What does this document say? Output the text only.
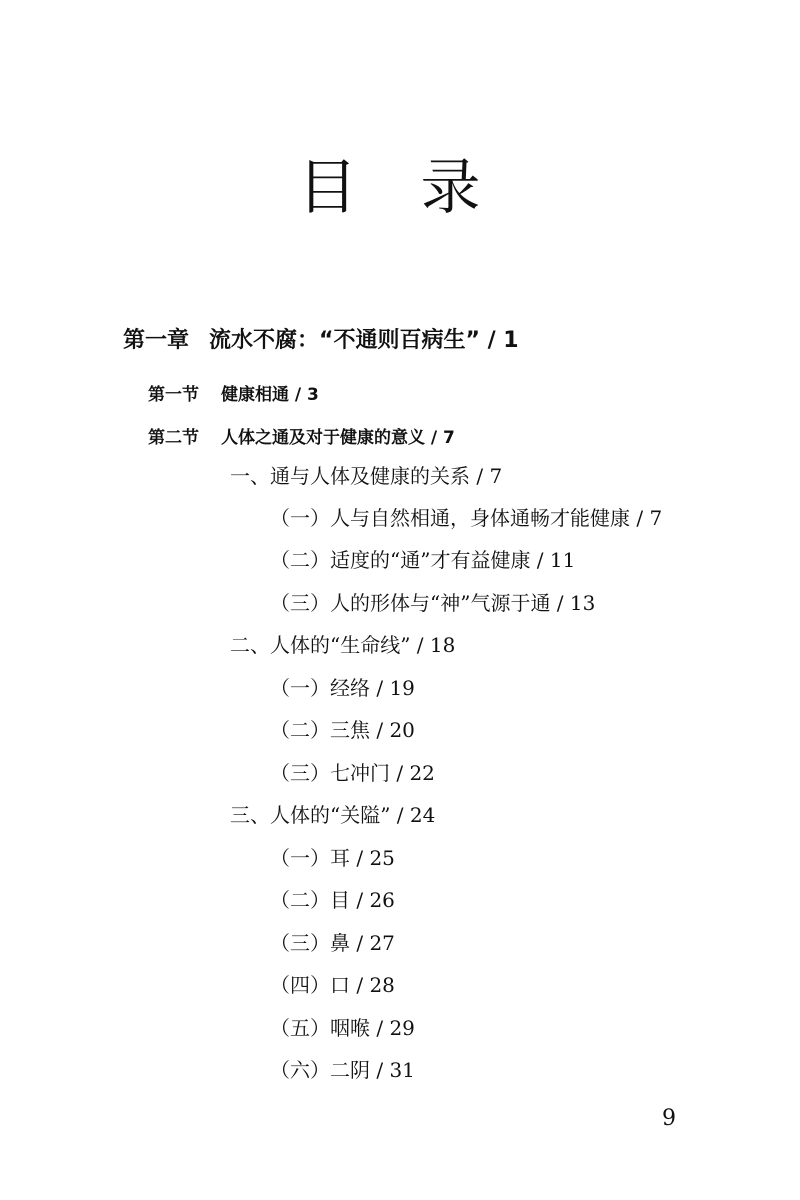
目 录
第一章 流水不腐：“不通则百病生” / 1
第一节 健康相通 / 3
第二节 人体之通及对于健康的意义 / 7
一、通与人体及健康的关系 / 7
（一）人与自然相通，身体通畅才能健康 / 7
（二）适度的“通”才有益健康 / 11
（三）人的形体与“神”气源于通 / 13
二、人体的“生命线” / 18
（一）经络 / 19
（二）三焦 / 20
（三）七冲门 / 22
三、人体的“关隘” / 24
（一）耳 / 25
（二）目 / 26
（三）鼻 / 27
（四）口 / 28
（五）咽喉 / 29
（六）二阴 / 31
9
